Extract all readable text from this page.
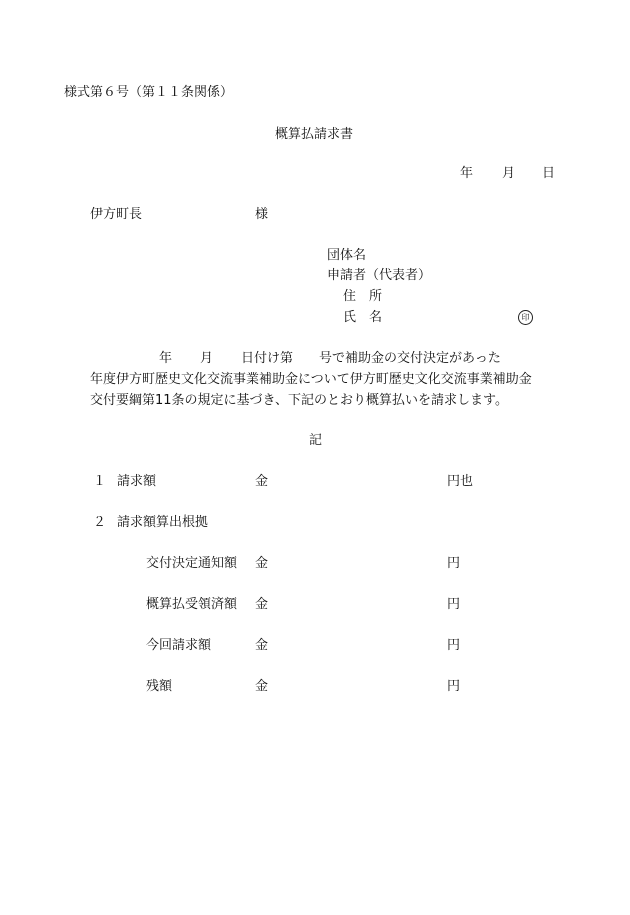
様式第６号（第１１条関係）
概算払請求書
年 月 日
伊方町長	様
団体名
申請者（代表者）
住　所
氏　名	印
年 月 日付け第　　号で補助金の交付決定があった
年度伊方町歴史文化交流事業補助金について伊方町歴史文化交流事業補助金
交付要綱第11条の規定に基づき、下記のとおり概算払いを請求します。
記
１ 請求額	金	円也
２ 請求額算出根拠
交付決定通知額 金	円
概算払受領済額 金	円
今回請求額	金	円
残額	金	円
